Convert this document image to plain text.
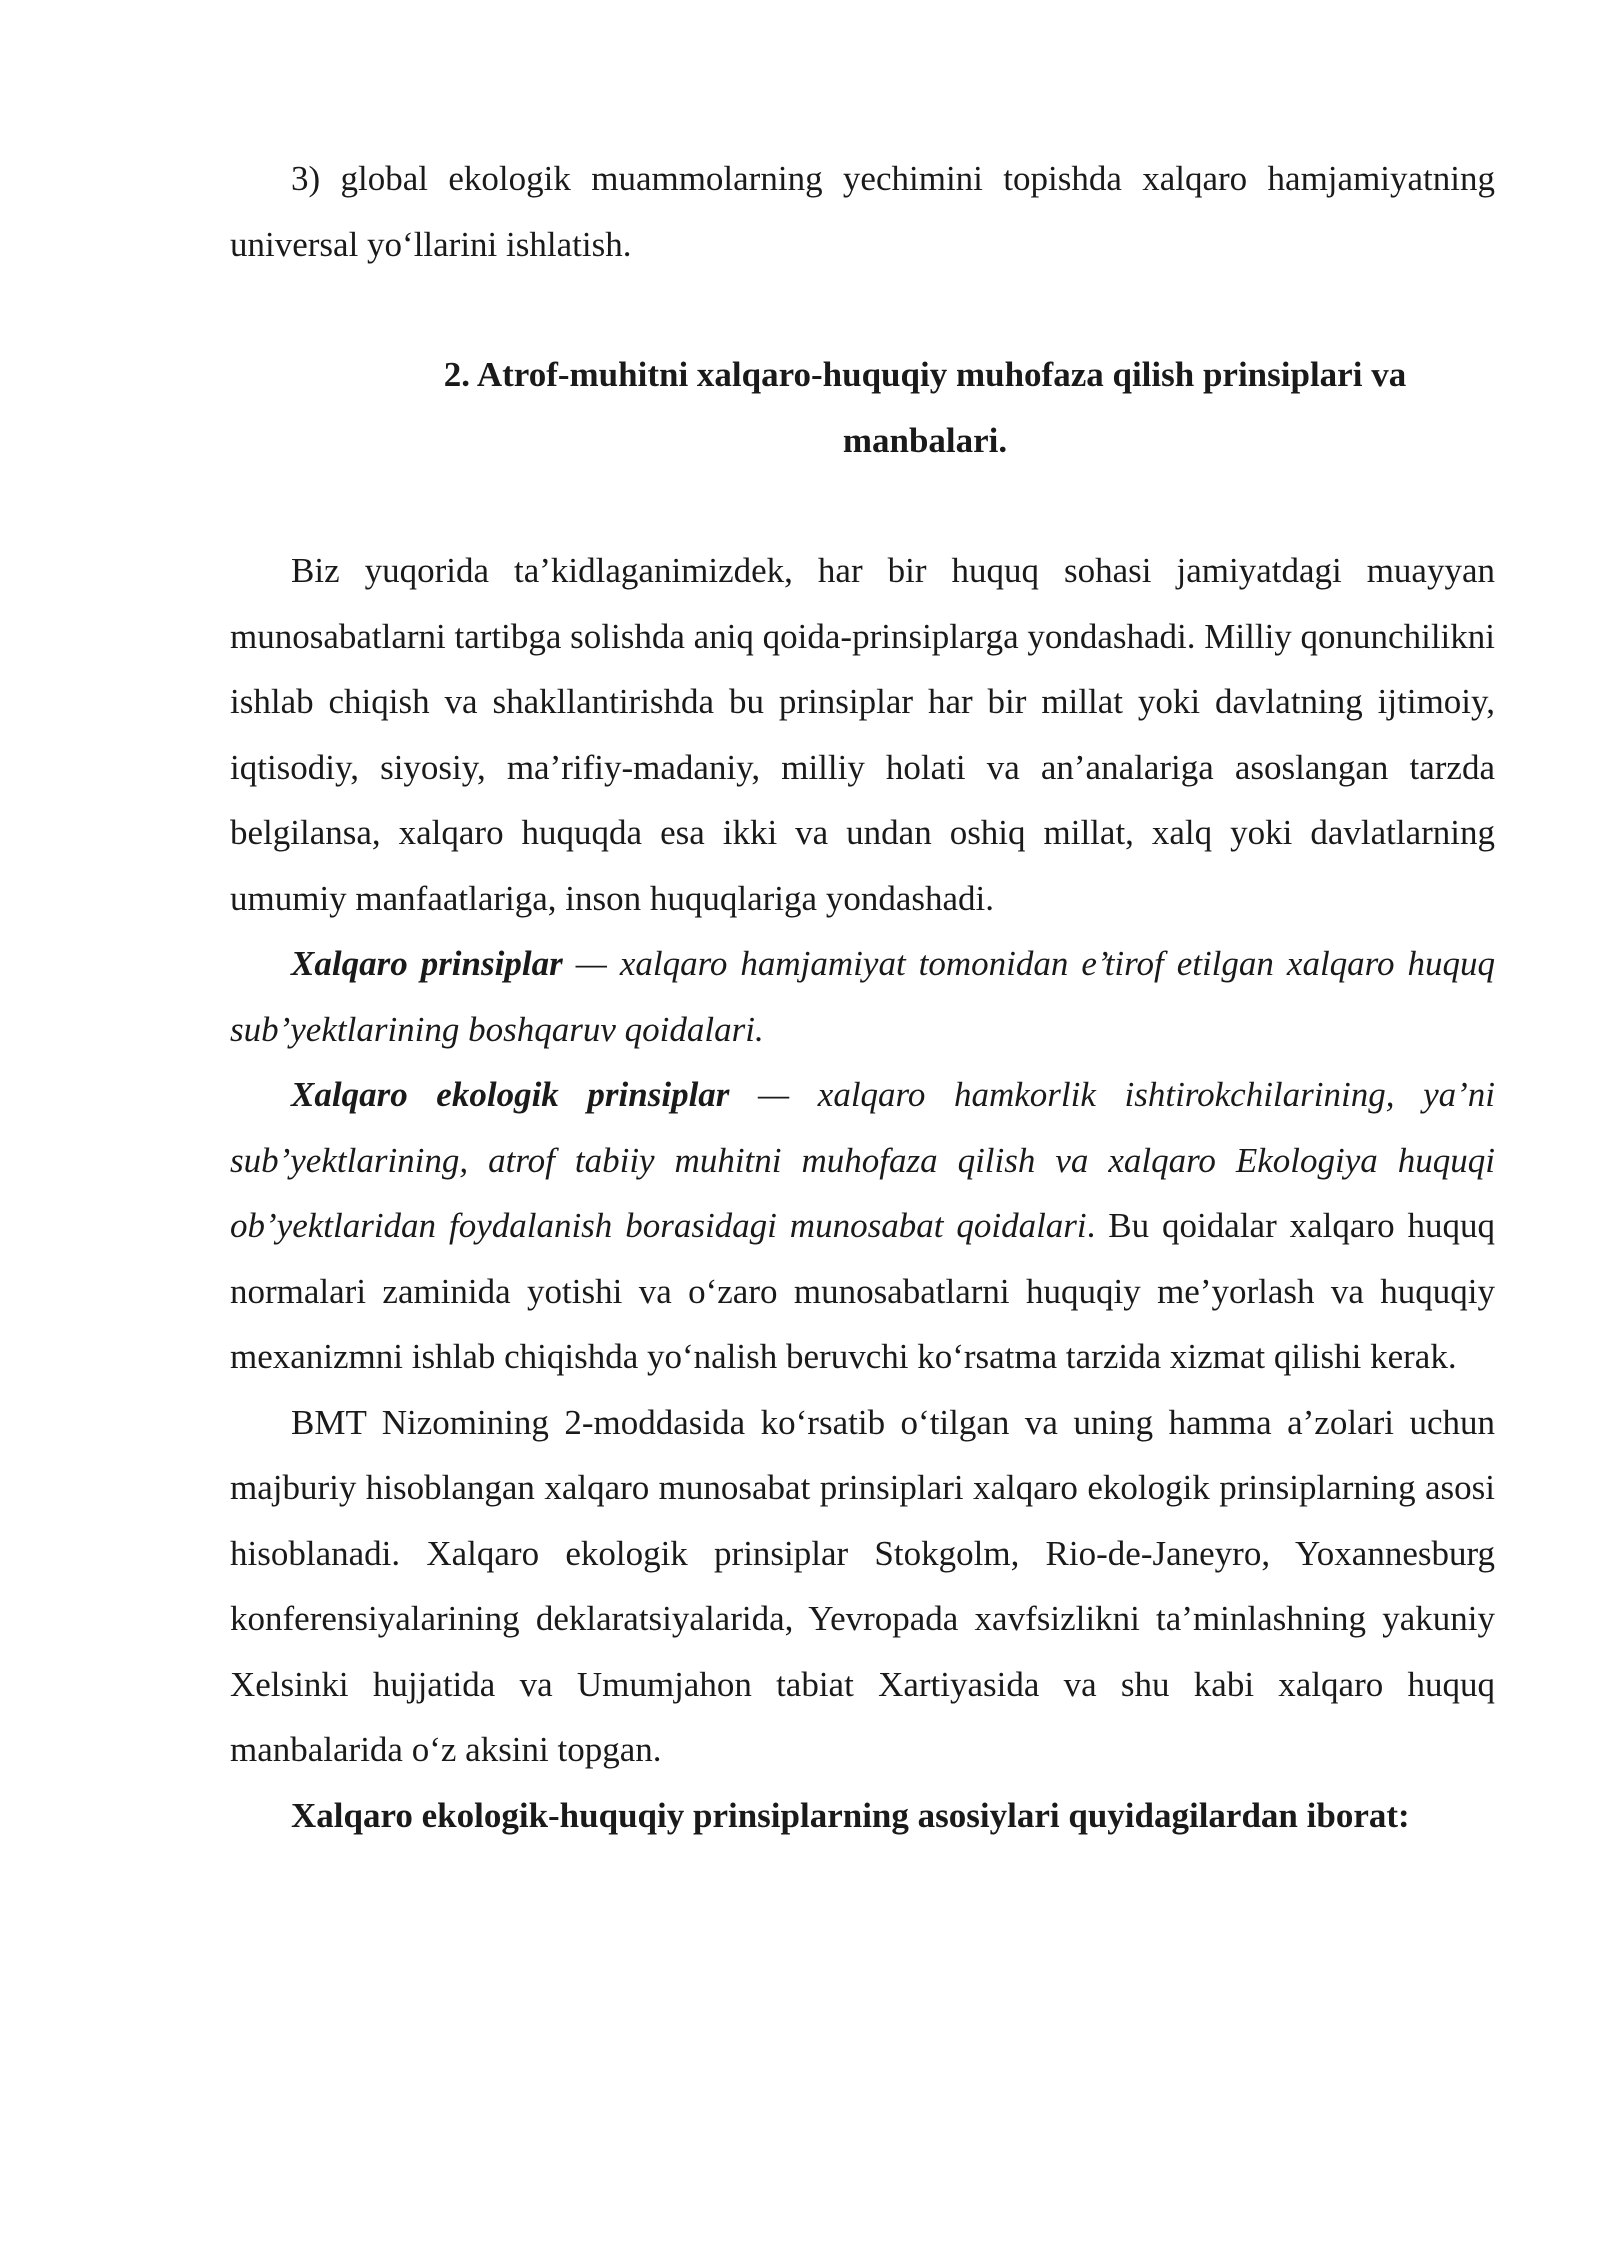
3) global ekologik muammolarning yechimini topishda xalqaro hamjamiyatning universal yo‘llarini ishlatish.

2. Atrof-muhitni xalqaro-huquqiy muhofaza qilish prinsiplari va
manbalari.

Biz yuqorida ta’kidlaganimizdek, har bir huquq sohasi jamiyatdagi muayyan munosabatlarni tartibga solishda aniq qoida-prinsiplarga yondashadi. Milliy qonunchilikni ishlab chiqish va shakllantirishda bu prinsiplar har bir millat yoki davlatning ijtimoiy, iqtisodiy, siyosiy, ma’rifiy-madaniy, milliy holati va an’analariga asoslangan tarzda belgilansa, xalqaro huquqda esa ikki va undan oshiq millat, xalq yoki davlatlarning umumiy manfaatlariga, inson huquqlariga yondashadi.

Xalqaro prinsiplar — xalqaro hamjamiyat tomonidan e’tirof etilgan xalqaro huquq sub’yektlarining boshqaruv qoidalari.

Xalqaro ekologik prinsiplar — xalqaro hamkorlik ishtirokchilarining, ya’ni sub’yektlarining, atrof tabiiy muhitni muhofaza qilish va xalqaro Ekologiya huquqi ob’yektlaridan foydalanish borasidagi munosabat qoidalari. Bu qoidalar xalqaro huquq normalari zaminida yotishi va o‘zaro munosabatlarni huquqiy me’yorlash va huquqiy mexanizmni ishlab chiqishda yo‘nalish beruvchi ko‘rsatma tarzida xizmat qilishi kerak.

BMT Nizomining 2-moddasida ko‘rsatib o‘tilgan va uning hamma a’zolari uchun majburiy hisoblangan xalqaro munosabat prinsiplari xalqaro ekologik prinsiplarning asosi hisoblanadi. Xalqaro ekologik prinsiplar Stokgolm, Rio-de-Janeyro, Yoxannesburg konferensiyalarining deklaratsiyalarida, Yevropada xavfsizlikni ta’minlashning yakuniy Xelsinki hujjatida va Umumjahon tabiat Xartiyasida va shu kabi xalqaro huquq manbalarida o‘z aksini topgan.

Xalqaro ekologik-huquqiy prinsiplarning asosiylari quyidagilardan iborat:
